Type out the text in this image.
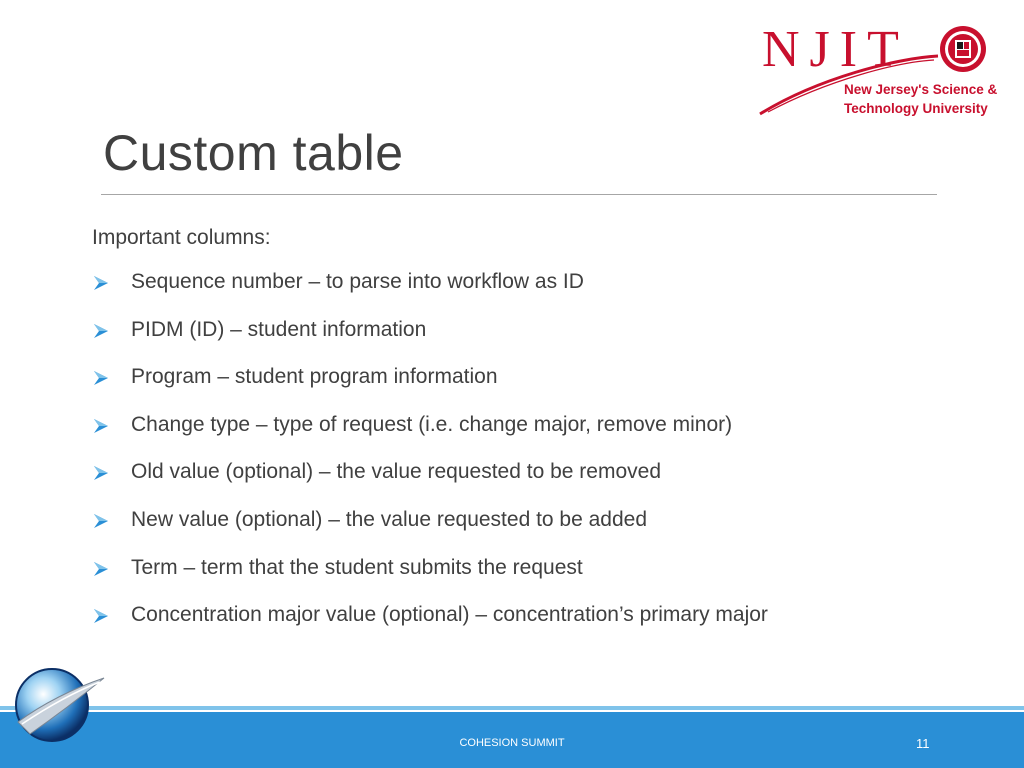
NJIT
New Jersey's Science &
Technology University
Custom table
Important columns:
Sequence number – to parse into workflow as ID
PIDM (ID) – student information
Program – student program information
Change type – type of request (i.e. change major, remove minor)
Old value (optional) – the value requested to be removed
New value (optional) – the value requested to be added
Term – term that the student submits the request
Concentration major value (optional) – concentration’s primary major
COHESION SUMMIT	11
